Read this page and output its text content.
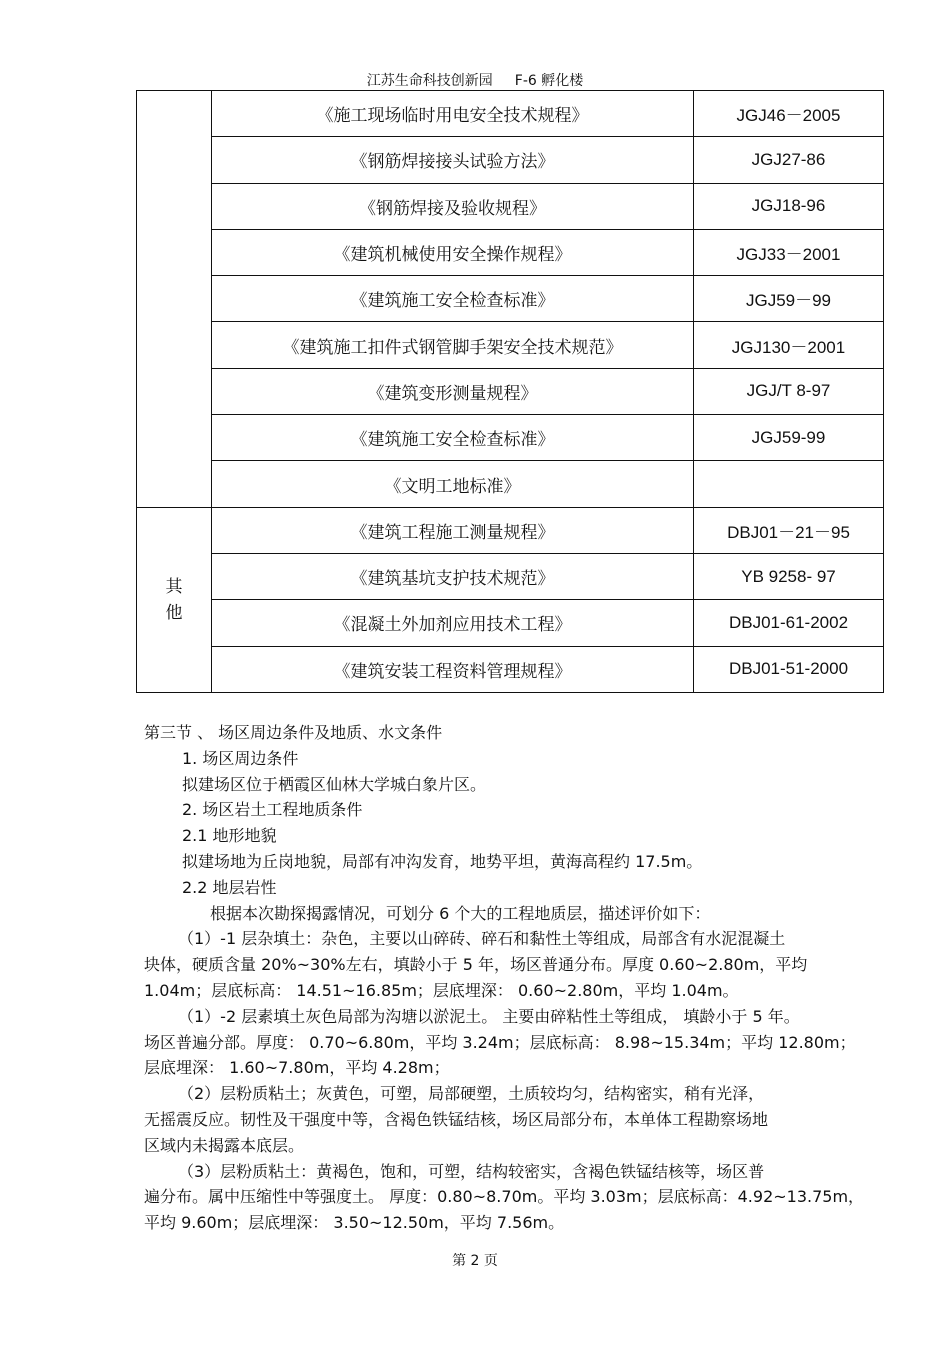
江苏生命科技创新园 F-6 孵化楼
	《施工现场临时用电安全技术规程》	JGJ46－2005
	《钢筋焊接接头试验方法》	JGJ27-86
	《钢筋焊接及验收规程》	JGJ18-96
	《建筑机械使用安全操作规程》	JGJ33－2001
	《建筑施工安全检查标准》	JGJ59－99
	《建筑施工扣件式钢管脚手架安全技术规范》	JGJ130－2001
	《建筑变形测量规程》	JGJ/T 8-97
	《建筑施工安全检查标准》	JGJ59-99
	《文明工地标准》	
其
他	《建筑工程施工测量规程》	DBJ01－21－95
	《建筑基坑支护技术规范》	YB 9258- 97
	《混凝土外加剂应用技术工程》	DBJ01-61-2002
	《建筑安装工程资料管理规程》	DBJ01-51-2000

第三节 、 场区周边条件及地质、水文条件

1. 场区周边条件

拟建场区位于栖霞区仙林大学城白象片区。

2. 场区岩土工程地质条件

2.1 地形地貌

拟建场地为丘岗地貌，局部有冲沟发育，地势平坦，黄海高程约 17.5m。

2.2 地层岩性

根据本次勘探揭露情况，可划分 6 个大的工程地质层，描述评价如下：

（1）-1 层杂填土：杂色，主要以山碎砖、碎石和黏性土等组成，局部含有水泥混凝土

块体，硬质含量 20%~30%左右，填龄小于 5 年，场区普通分布。厚度 0.60~2.80m，平均

1.04m；层底标高： 14.51~16.85m；层底埋深： 0.60~2.80m，平均 1.04m。

（1）-2 层素填土灰色局部为沟塘以淤泥土。 主要由碎粘性土等组成， 填龄小于 5 年。

场区普遍分部。厚度： 0.70~6.80m，平均 3.24m；层底标高： 8.98~15.34m；平均 12.80m；

层底埋深： 1.60~7.80m，平均 4.28m；

（2）层粉质粘土；灰黄色，可塑，局部硬塑，土质较均匀，结构密实，稍有光泽，

无摇震反应。韧性及干强度中等，含褐色铁锰结核，场区局部分布，本单体工程勘察场地

区域内未揭露本底层。

（3）层粉质粘土：黄褐色，饱和，可塑，结构较密实，含褐色铁锰结核等，场区普

遍分布。属中压缩性中等强度土。 厚度：0.80~8.70m。平均 3.03m；层底标高：4.92~13.75m，

平均 9.60m；层底埋深： 3.50~12.50m，平均 7.56m。

第 2 页
